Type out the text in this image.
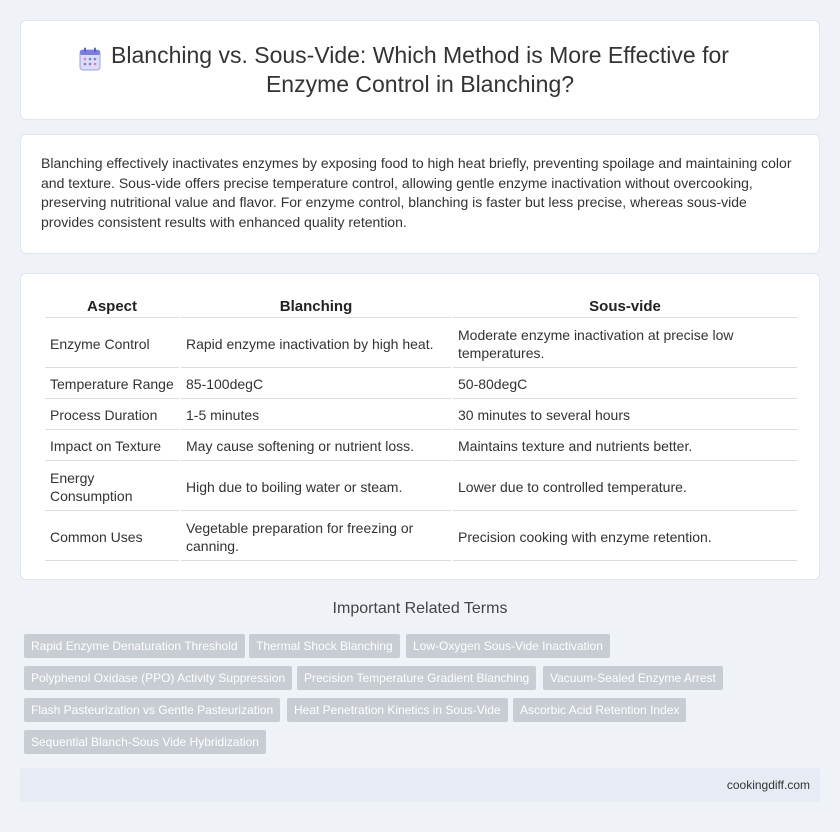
Blanching vs. Sous-Vide: Which Method is More Effective for Enzyme Control in Blanching?

Blanching effectively inactivates enzymes by exposing food to high heat briefly, preventing spoilage and maintaining color and texture. Sous-vide offers precise temperature control, allowing gentle enzyme inactivation without overcooking, preserving nutritional value and flavor. For enzyme control, blanching is faster but less precise, whereas sous-vide provides consistent results with enhanced quality retention.

Aspect	Blanching	Sous-vide
Enzyme Control	Rapid enzyme inactivation by high heat.	Moderate enzyme inactivation at precise low temperatures.
Temperature Range	85-100degC	50-80degC
Process Duration	1-5 minutes	30 minutes to several hours
Impact on Texture	May cause softening or nutrient loss.	Maintains texture and nutrients better.
Energy Consumption	High due to boiling water or steam.	Lower due to controlled temperature.
Common Uses	Vegetable preparation for freezing or canning.	Precision cooking with enzyme retention.
Important Related Terms
Rapid Enzyme Denaturation Threshold	Thermal Shock Blanching	Low-Oxygen Sous-Vide Inactivation
Polyphenol Oxidase (PPO) Activity Suppression	Precision Temperature Gradient Blanching	Vacuum-Sealed Enzyme Arrest
Flash Pasteurization vs Gentle Pasteurization	Heat Penetration Kinetics in Sous-Vide	Ascorbic Acid Retention Index
Sequential Blanch-Sous Vide Hybridization
cookingdiff.com
